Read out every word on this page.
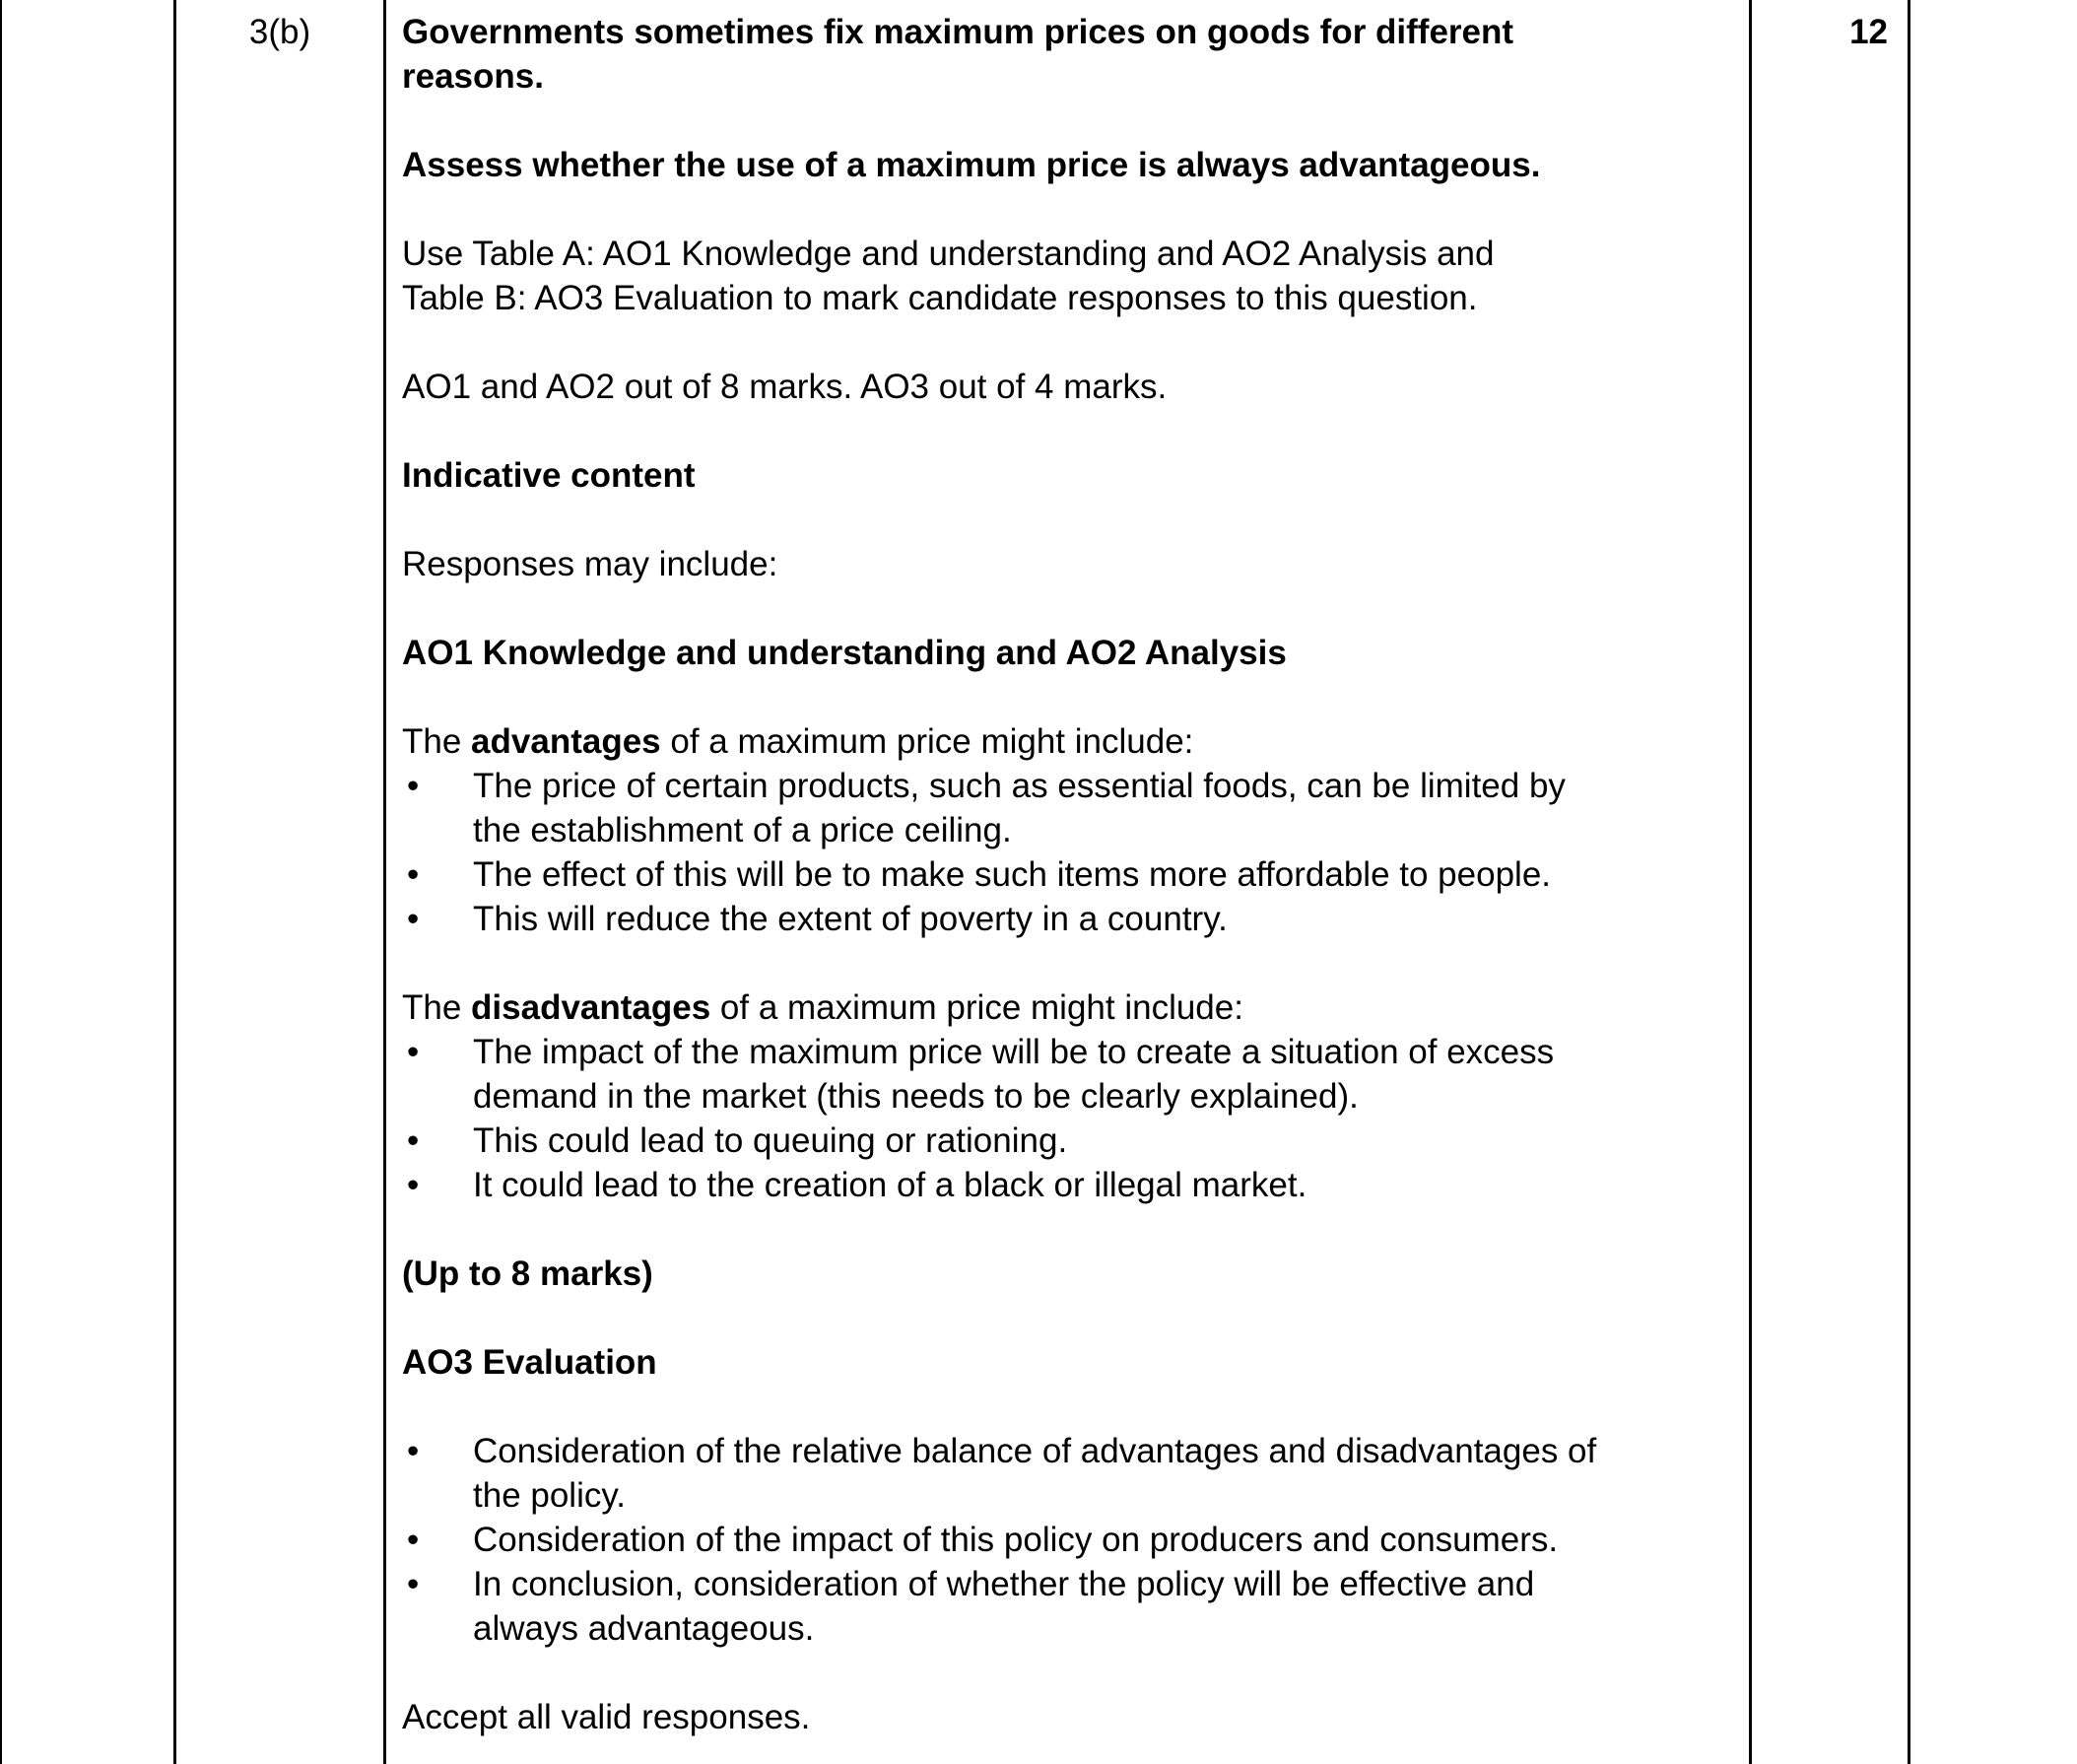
3(b)	Governments sometimes fix maximum prices on goods for different
reasons.
Assess whether the use of a maximum price is always advantageous.
Use Table A: AO1 Knowledge and understanding and AO2 Analysis and
Table B: AO3 Evaluation to mark candidate responses to this question.
AO1 and AO2 out of 8 marks. AO3 out of 4 marks.
Indicative content
Responses may include:
AO1 Knowledge and understanding and AO2 Analysis
The advantages of a maximum price might include:
• The price of certain products, such as essential foods, can be limited by
the establishment of a price ceiling.
• The effect of this will be to make such items more affordable to people.
• This will reduce the extent of poverty in a country.
The disadvantages of a maximum price might include:
• The impact of the maximum price will be to create a situation of excess
demand in the market (this needs to be clearly explained).
• This could lead to queuing or rationing.
• It could lead to the creation of a black or illegal market.
(Up to 8 marks)
AO3 Evaluation
• Consideration of the relative balance of advantages and disadvantages of
the policy.
• Consideration of the impact of this policy on producers and consumers.
• In conclusion, consideration of whether the policy will be effective and
always advantageous.
Accept all valid responses.
12
